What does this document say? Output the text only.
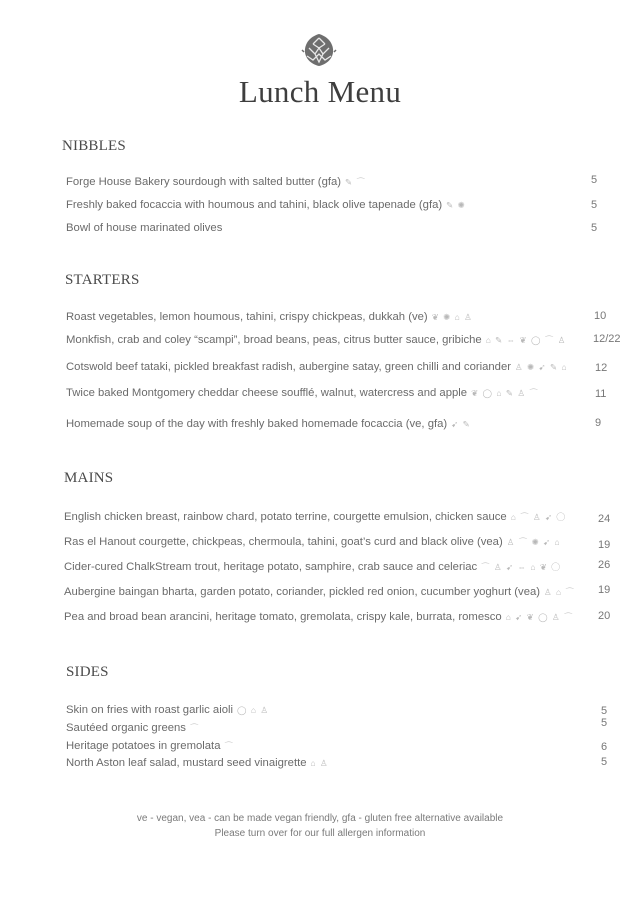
Lunch Menu
NIBBLES
Forge House Bakery sourdough with salted butter (gfa) ✎ ⌒	5
Freshly baked focaccia with houmous and tahini, black olive tapenade (gfa) ✎ ✺	5
Bowl of house marinated olives	5
STARTERS
Roast vegetables, lemon houmous, tahini, crispy chickpeas, dukkah (ve) ❦ ✺ ⌂ ♙	10
Monkfish, crab and coley “scampi”, broad beans, peas, citrus butter sauce, gribiche ⌂ ✎ ⇔ ❦ ◯ ⌒ ♙ 12/22
Cotswold beef tataki, pickled breakfast radish, aubergine satay, green chilli and coriander ♙ ✺ ➹ ✎ ⌂ 12
Twice baked Montgomery cheddar cheese soufflé, walnut, watercress and apple ❦ ◯ ⌂ ✎ ♙ ⌒	11
Homemade soup of the day with freshly baked homemade focaccia (ve, gfa) ➹ ✎	9
MAINS
English chicken breast, rainbow chard, potato terrine, courgette emulsion, chicken sauce ⌂ ⌒ ♙ ➹ ◯	24
Ras el Hanout courgette, chickpeas, chermoula, tahini, goat’s curd and black olive (vea) ♙ ⌒ ✺ ➹ ⌂	19
Cider-cured ChalkStream trout, heritage potato, samphire, crab sauce and celeriac ⌒ ♙ ➹ ⇔ ⌂ ❦ ◯	26
Aubergine baingan bharta, garden potato, coriander, pickled red onion, cucumber yoghurt (vea) ♙ ⌂ ⌒ 19
Pea and broad bean arancini, heritage tomato, gremolata, crispy kale, burrata, romesco ⌂ ➹ ❦ ◯ ♙ ⌒ 20
SIDES
Skin on fries with roast garlic aioli ◯ ⌂ ♙	5
Sautéed organic greens ⌒	5
Heritage potatoes in gremolata ⌒	6
North Aston leaf salad, mustard seed vinaigrette ⌂ ♙	5
ve - vegan, vea - can be made vegan friendly, gfa - gluten free alternative available
Please turn over for our full allergen information
